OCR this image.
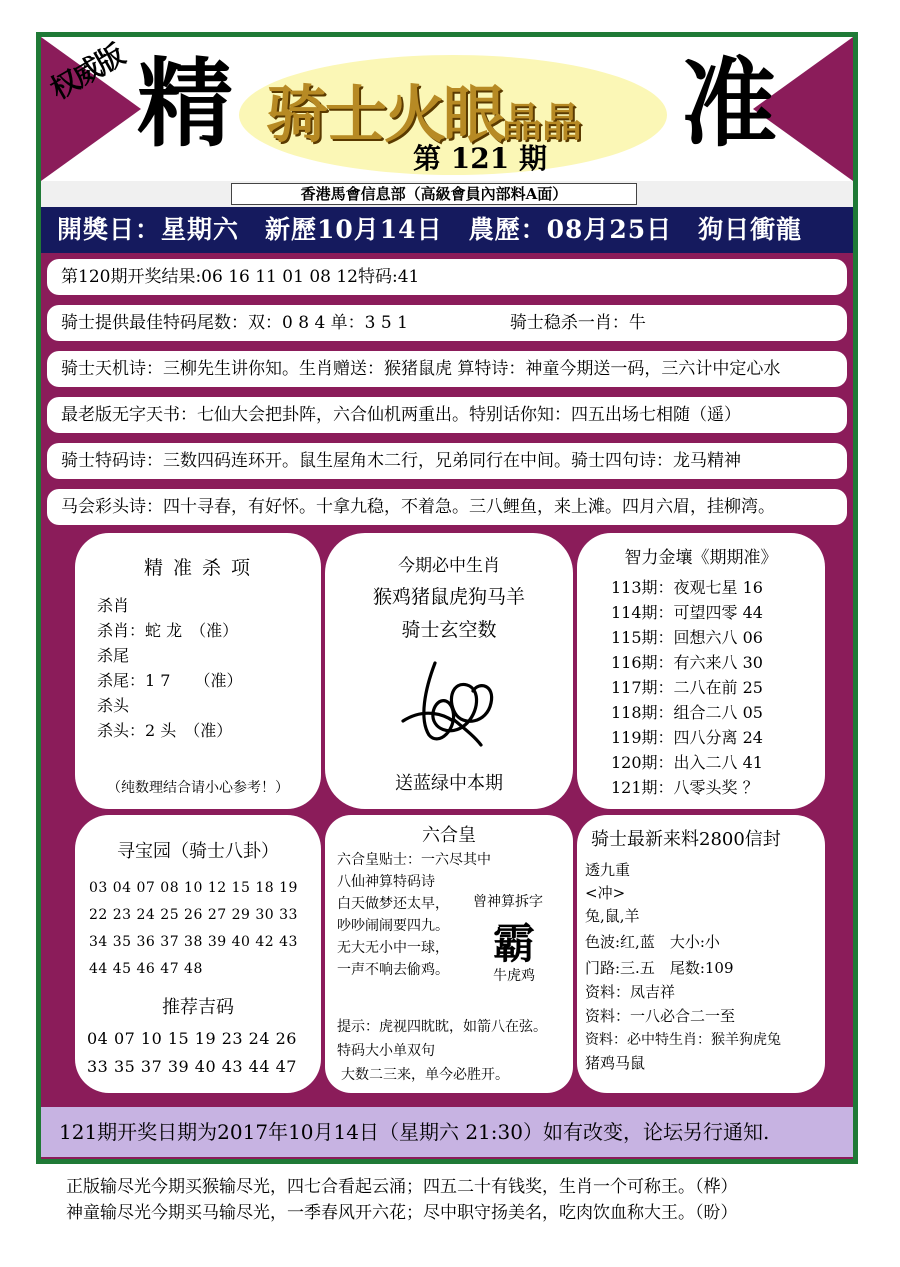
权威版 精 骑士火眼晶晶
第 121 期 准
香港馬會信息部（高級會員內部料A面）
開獎日：星期六　新歷10月14日　農歷：08月25日　狗日衝龍
第120期开奖结果:06 16 11 01 08 12特码:41
骑士提供最佳特码尾数：双：0 8 4 单：3 5 1　　　　　　骑士稳杀一肖：牛
骑士天机诗：三柳先生讲你知。生肖赠送：猴猪鼠虎 算特诗：神童今期送一码，三六计中定心水
最老版无字天书：七仙大会把卦阵，六合仙机两重出。特别话你知：四五出场七相随（遥）
骑士特码诗：三数四码连环开。鼠生屋角木二行，兄弟同行在中间。骑士四句诗：龙马精神
马会彩头诗：四十寻春，有好怀。十拿九稳，不着急。三八鲤鱼，来上滩。四月六眉，挂柳湾。
精 准 杀 项
杀肖
杀肖：蛇 龙　（准）
杀尾
杀尾：1 7　　（准）
杀头
杀头：2 头　（准）
（纯数理结合请小心参考！）
今期必中生肖
猴鸡猪鼠虎狗马羊
骑士玄空数
送蓝绿中本期
智力金壤《期期准》
113期：夜观七星 16
114期：可望四零 44
115期：回想六八 06
116期：有六来八 30
117期：二八在前 25
118期：组合二八 05
119期：四八分离 24
120期：出入二八 41
121期：八零头奖 ？
寻宝园（骑士八卦）
03 04 07 08 10 12 15 18 19
22 23 24 25 26 27 29 30 33
34 35 36 37 38 39 40 42 43
44 45 46 47 48
推荐吉码
04 07 10 15 19 23 24 26
33 35 37 39 40 43 44 47
六合皇
六合皇贴士：一六尽其中
八仙神算特码诗
白天做梦还太早，
吵吵闹闹要四九。
无大无小中一球，
一声不响去偷鸡。
曾神算拆字
霸
牛虎鸡
提示：虎视四眈眈，如箭八在弦。
特码大小单双句
大数二三来，单今必胜开。
骑士最新来料2800信封
透九重
<冲>
兔,鼠,羊
色波:红,蓝　大小:小
门路:三.五　尾数:109
资料：凤吉祥
资料：一八必合二一至
资料：必中特生肖：猴羊狗虎兔
猪鸡马鼠
121期开奖日期为2017年10月14日（星期六 21:30）如有改变，论坛另行通知.
正版输尽光今期买猴输尽光，四七合看起云涌；四五二十有钱奖，生肖一个可称王。（桦）
神童输尽光今期买马输尽光，一季春风开六花；尽中职守扬美名，吃肉饮血称大王。（昐）
